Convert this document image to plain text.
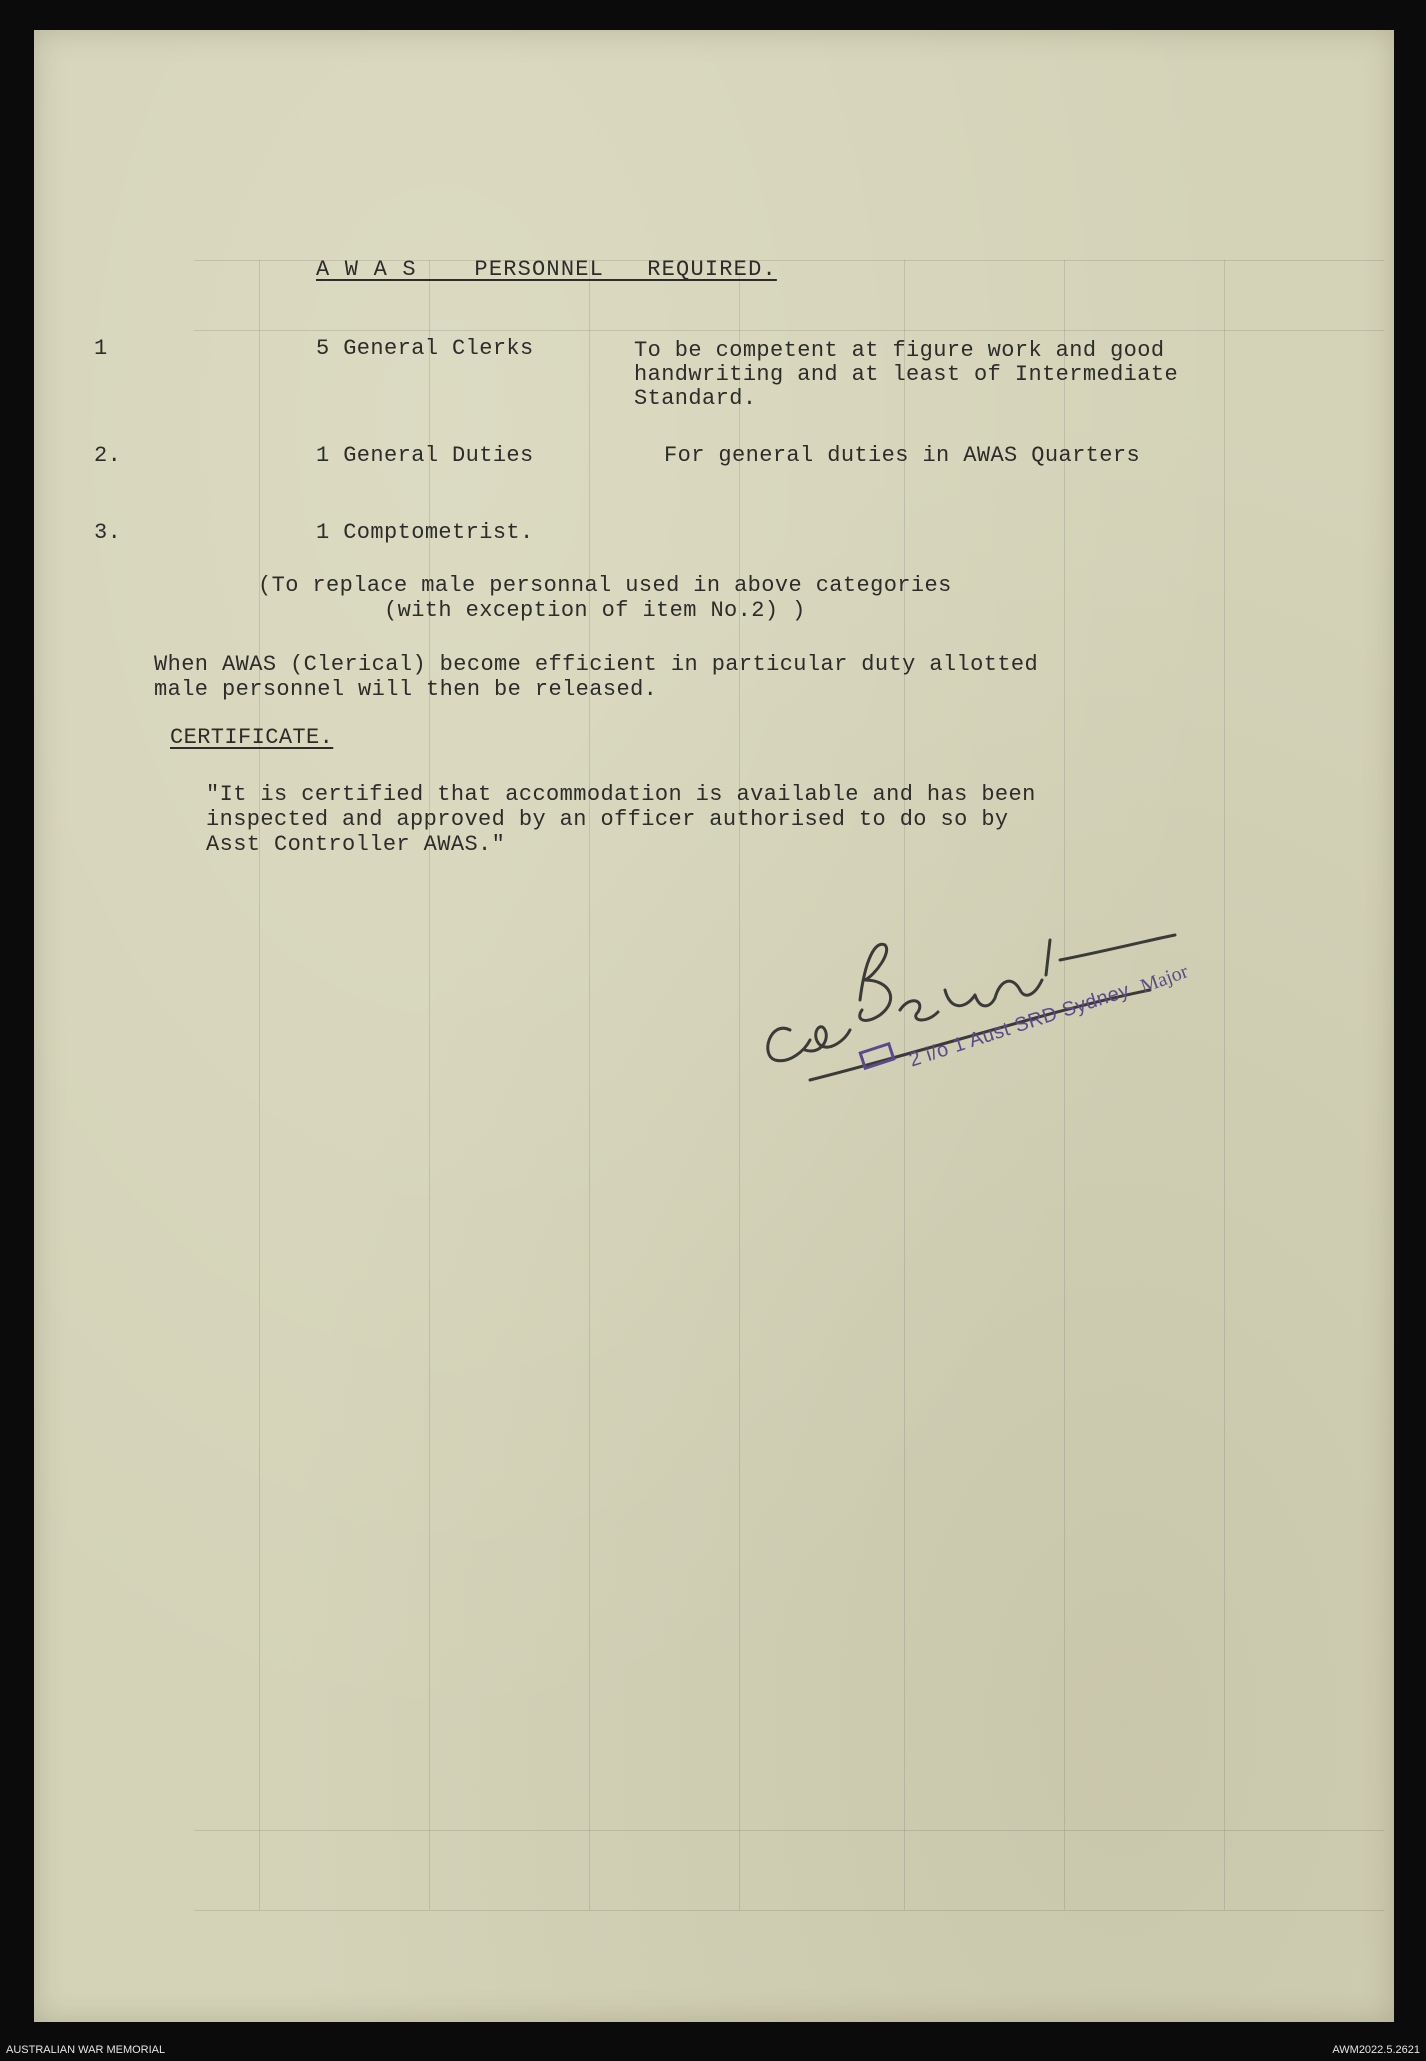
A W A S    PERSONNEL   REQUIRED.
1	5 General Clerks	To be competent at figure work and good
handwriting and at least of Intermediate
Standard.
2.	1 General Duties	For general duties in AWAS Quarters
3.	1 Comptometrist.
(To replace male personnal used in above categories
(with exception of item No.2) )
When AWAS (Clerical) become efficient in particular duty allotted
male personnel will then be released.
CERTIFICATE.
"It is certified that accommodation is available and has been
inspected and approved by an officer authorised to do so by
Asst Controller AWAS."
Major
2 i/o 1 Aust SRD Sydney
AUSTRALIAN WAR MEMORIAL	AWM2022.5.2621
